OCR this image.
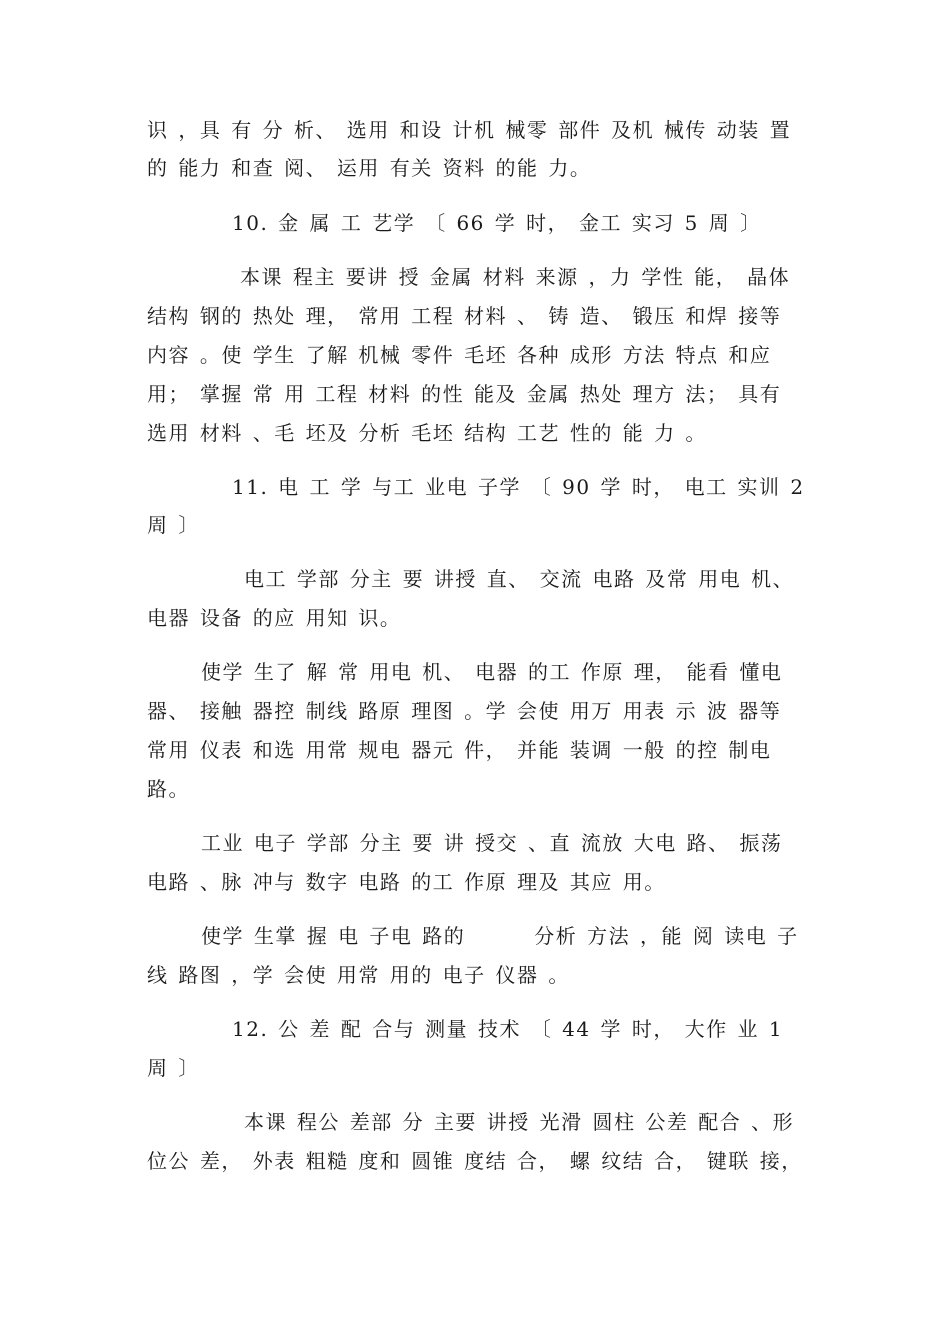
识 ，具 有 分 析、 选用 和设 计机 械零 部件 及机 械传 动装 置
的 能力 和查 阅、 运用 有关 资料 的能 力。
10. 金 属 工 艺学 〔 66 学 时， 金工 实习 5 周 〕
本课 程主 要讲 授 金属 材料 来源 ，力 学性 能， 晶体
结构 钢的 热处 理， 常用 工程 材料 、 铸 造、 锻压 和焊 接等
内容 。使 学生 了解 机械 零件 毛坯 各种 成形 方法 特点 和应
用； 掌握 常 用 工程 材料 的性 能及 金属 热处 理方 法； 具有
选用 材料 、毛 坯及 分析 毛坯 结构 工艺 性的 能 力 。
11. 电 工 学 与工 业电 子学 〔 90 学 时， 电工 实训 2
周 〕
电工 学部 分主 要 讲授 直、 交流 电路 及常 用电 机、
电器 设备 的应 用知 识。
使学 生了 解 常 用电 机、 电器 的工 作原 理， 能看 懂电
器、 接触 器控 制线 路原 理图 。学 会使 用万 用表 示 波 器等
常用 仪表 和选 用常 规电 器元 件， 并能 装调 一般 的控 制电
路。
工业 电子 学部 分主 要 讲 授交 、直 流放 大电 路、 振荡
电路 、脉 冲与 数字 电路 的工 作原 理及 其应 用。
使学 生掌 握 电 子电 路的       分析 方法 ，能 阅 读电 子
线 路图 ，学 会使 用常 用的 电子 仪器 。
12. 公 差 配 合与 测量 技术 〔 44 学 时， 大作 业 1
周 〕
本课 程公 差部 分 主要 讲授 光滑 圆柱 公差 配合 、形
位公 差， 外表 粗糙 度和 圆锥 度结 合， 螺 纹结 合， 键联 接，
